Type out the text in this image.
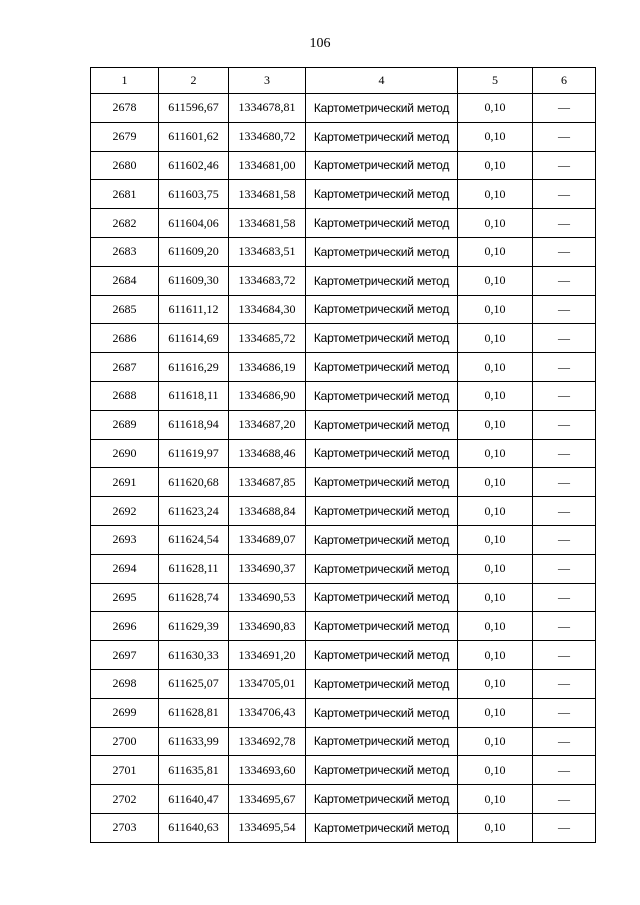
106
1	2	3	4	5	6
2678	611596,67	1334678,81	Картометрический метод	0,10	—
2679	611601,62	1334680,72	Картометрический метод	0,10	—
2680	611602,46	1334681,00	Картометрический метод	0,10	—
2681	611603,75	1334681,58	Картометрический метод	0,10	—
2682	611604,06	1334681,58	Картометрический метод	0,10	—
2683	611609,20	1334683,51	Картометрический метод	0,10	—
2684	611609,30	1334683,72	Картометрический метод	0,10	—
2685	611611,12	1334684,30	Картометрический метод	0,10	—
2686	611614,69	1334685,72	Картометрический метод	0,10	—
2687	611616,29	1334686,19	Картометрический метод	0,10	—
2688	611618,11	1334686,90	Картометрический метод	0,10	—
2689	611618,94	1334687,20	Картометрический метод	0,10	—
2690	611619,97	1334688,46	Картометрический метод	0,10	—
2691	611620,68	1334687,85	Картометрический метод	0,10	—
2692	611623,24	1334688,84	Картометрический метод	0,10	—
2693	611624,54	1334689,07	Картометрический метод	0,10	—
2694	611628,11	1334690,37	Картометрический метод	0,10	—
2695	611628,74	1334690,53	Картометрический метод	0,10	—
2696	611629,39	1334690,83	Картометрический метод	0,10	—
2697	611630,33	1334691,20	Картометрический метод	0,10	—
2698	611625,07	1334705,01	Картометрический метод	0,10	—
2699	611628,81	1334706,43	Картометрический метод	0,10	—
2700	611633,99	1334692,78	Картометрический метод	0,10	—
2701	611635,81	1334693,60	Картометрический метод	0,10	—
2702	611640,47	1334695,67	Картометрический метод	0,10	—
2703	611640,63	1334695,54	Картометрический метод	0,10	—
